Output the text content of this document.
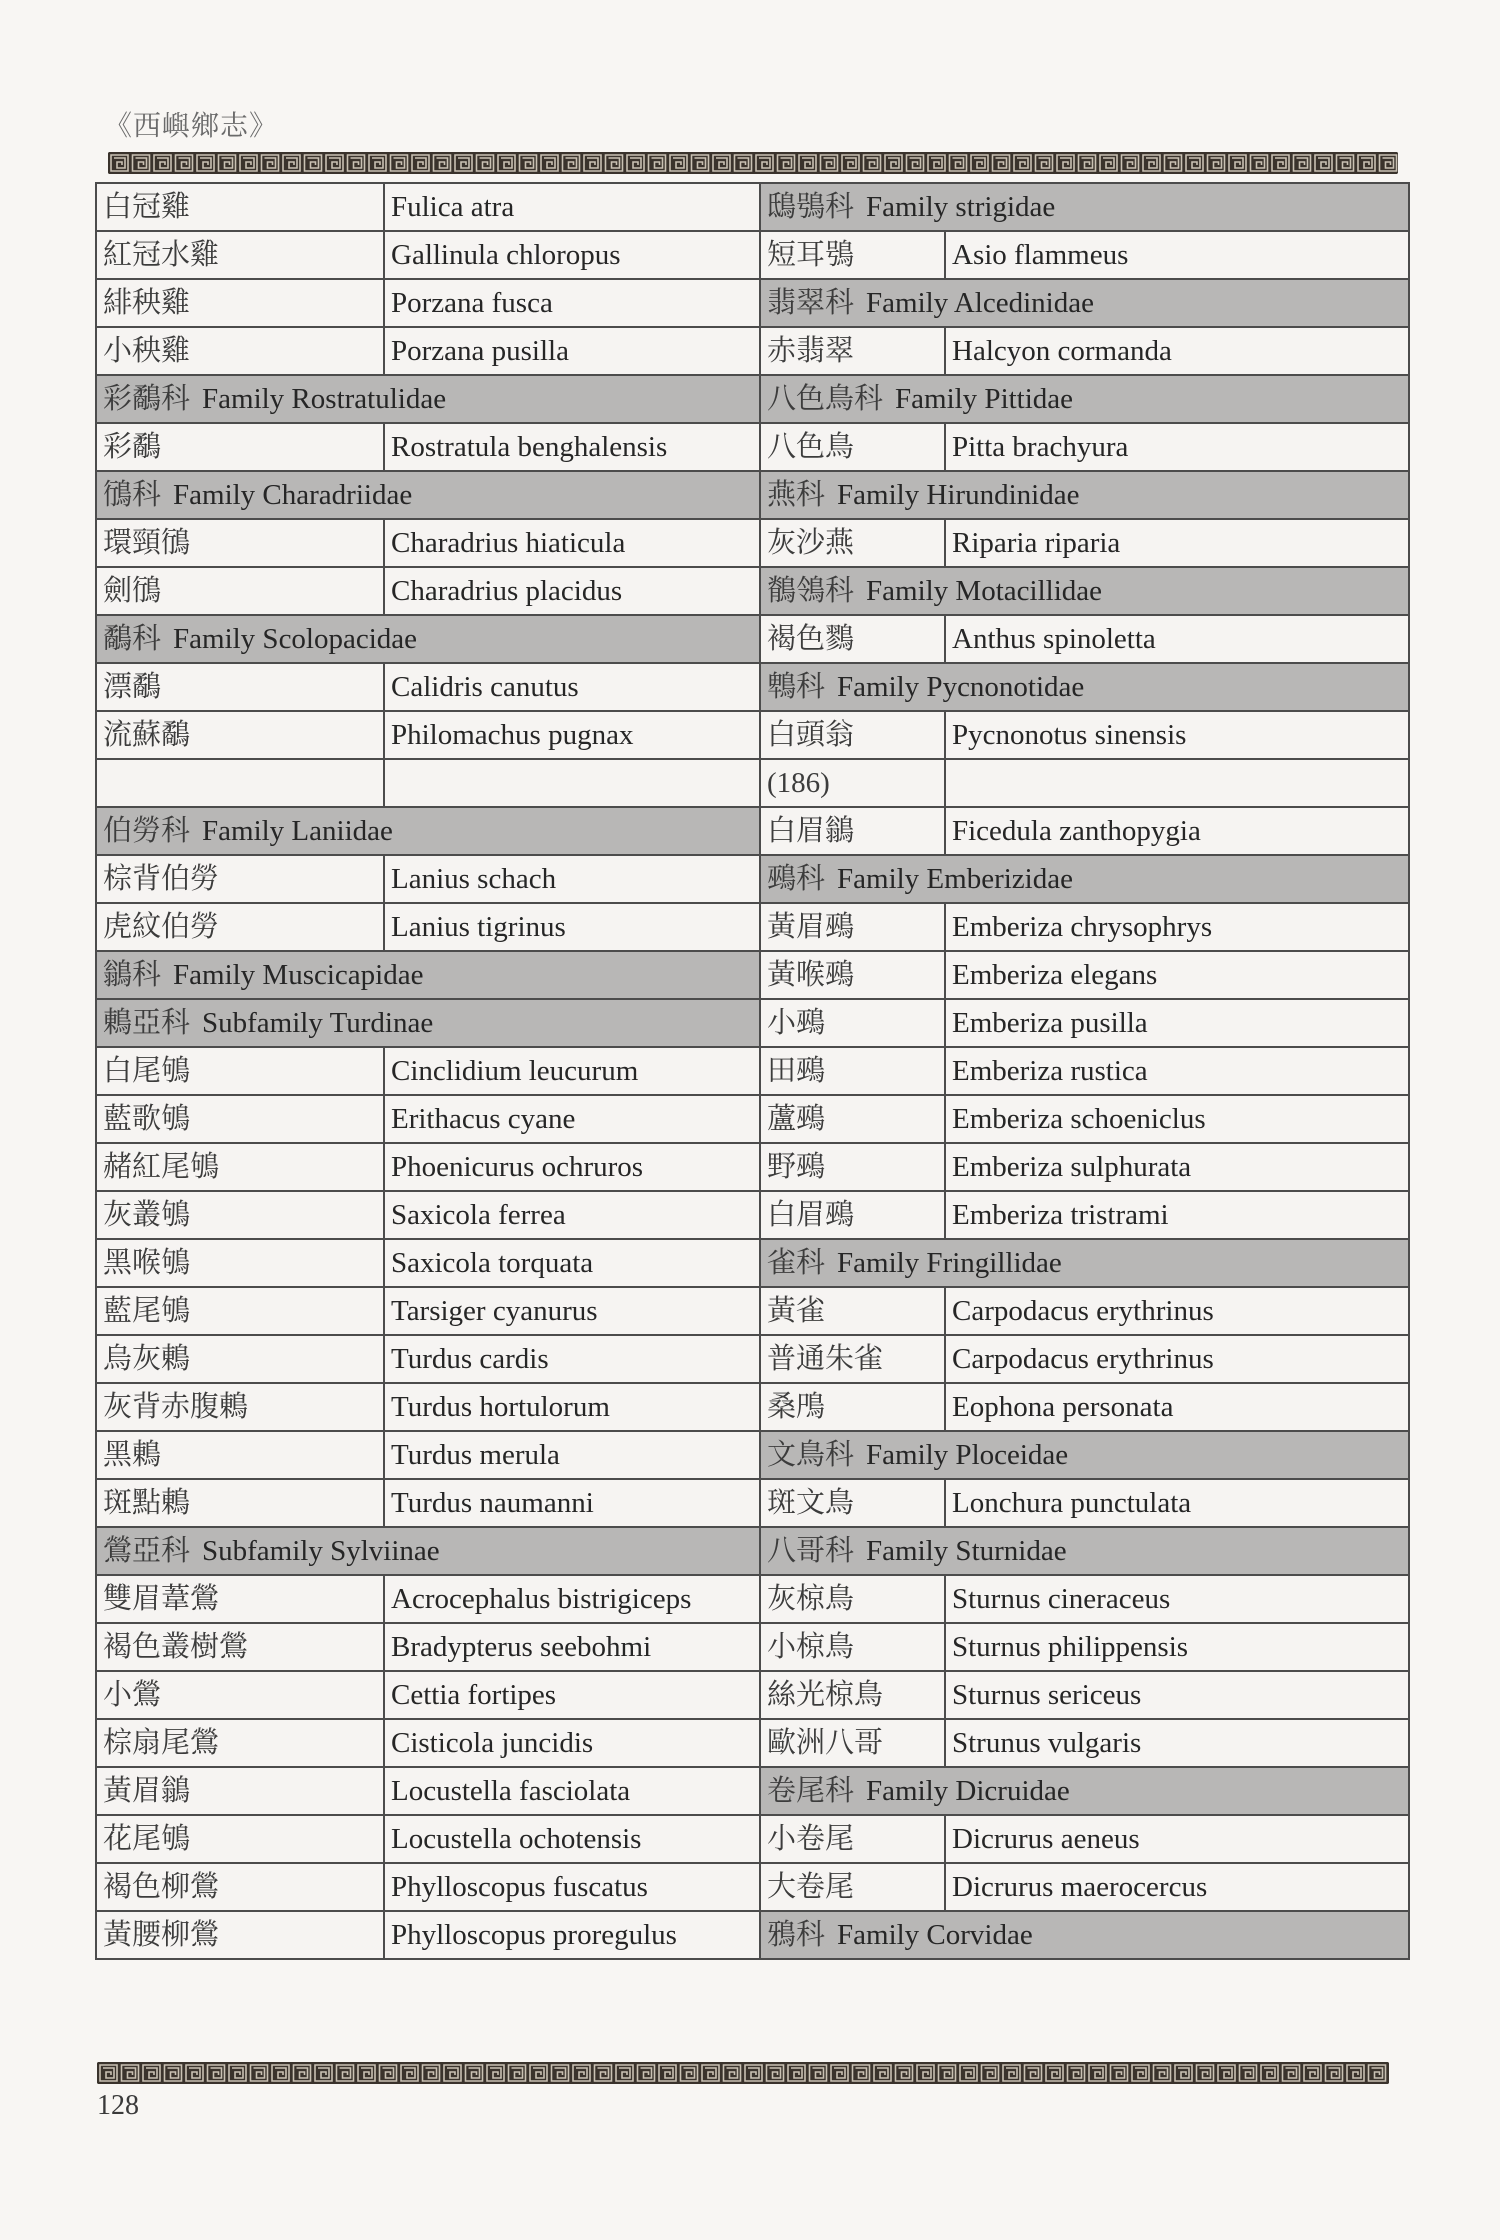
《西嶼鄉志》
白冠雞	Fulica atra
紅冠水雞	Gallinula chloropus
緋秧雞	Porzana fusca
小秧雞	Porzana pusilla
彩鷸科 Family Rostratulidae	
彩鷸	Rostratula benghalensis
鴴科 Family Charadriidae	
環頸鴴	Charadrius hiaticula
劍鴴	Charadrius placidus
鷸科 Family Scolopacidae	
漂鷸	Calidris canutus
流蘇鷸	Philomachus pugnax

伯勞科 Family Laniidae	
棕背伯勞	Lanius schach
虎紋伯勞	Lanius tigrinus
鶲科 Family Muscicapidae	
鶇亞科 Subfamily Turdinae	
白尾鴝	Cinclidium leucurum
藍歌鴝	Erithacus cyane
赭紅尾鴝	Phoenicurus ochruros
灰叢鴝	Saxicola ferrea
黑喉鴝	Saxicola torquata
藍尾鴝	Tarsiger cyanurus
烏灰鶇	Turdus cardis
灰背赤腹鶇	Turdus hortulorum
黑鶇	Turdus merula
斑點鶇	Turdus naumanni
鶯亞科 Subfamily Sylviinae	
雙眉葦鶯	Acrocephalus bistrigiceps
褐色叢樹鶯	Bradypterus seebohmi
小鶯	Cettia fortipes
棕扇尾鶯	Cisticola juncidis
黃眉鶲	Locustella fasciolata
花尾鴝	Locustella ochotensis
褐色柳鶯	Phylloscopus fuscatus
黃腰柳鶯	Phylloscopus proregulus
鴟鴞科 Family strigidae	
短耳鴞	Asio flammeus
翡翠科 Family Alcedinidae	
赤翡翠	Halcyon cormanda
八色鳥科 Family Pittidae	
八色鳥	Pitta brachyura
燕科 Family Hirundinidae	
灰沙燕	Riparia riparia
鶺鴒科 Family Motacillidae	
褐色鷚	Anthus spinoletta
鵯科 Family Pycnonotidae	
白頭翁	Pycnonotus sinensis
(186)	
白眉鶲	Ficedula zanthopygia
鵐科 Family Emberizidae	
黃眉鵐	Emberiza chrysophrys
黃喉鵐	Emberiza elegans
小鵐	Emberiza pusilla
田鵐	Emberiza rustica
蘆鵐	Emberiza schoeniclus
野鵐	Emberiza sulphurata
白眉鵐	Emberiza tristrami
雀科 Family Fringillidae	
黃雀	Carpodacus erythrinus
普通朱雀	Carpodacus erythrinus
桑鳲	Eophona personata
文鳥科 Family Ploceidae	
斑文鳥	Lonchura punctulata
八哥科 Family Sturnidae	
灰椋鳥	Sturnus cineraceus
小椋鳥	Sturnus philippensis
絲光椋鳥	Sturnus sericeus
歐洲八哥	Strunus vulgaris
卷尾科 Family Dicruidae	
小卷尾	Dicrurus aeneus
大卷尾	Dicrurus maerocercus
鴉科 Family Corvidae	
128
